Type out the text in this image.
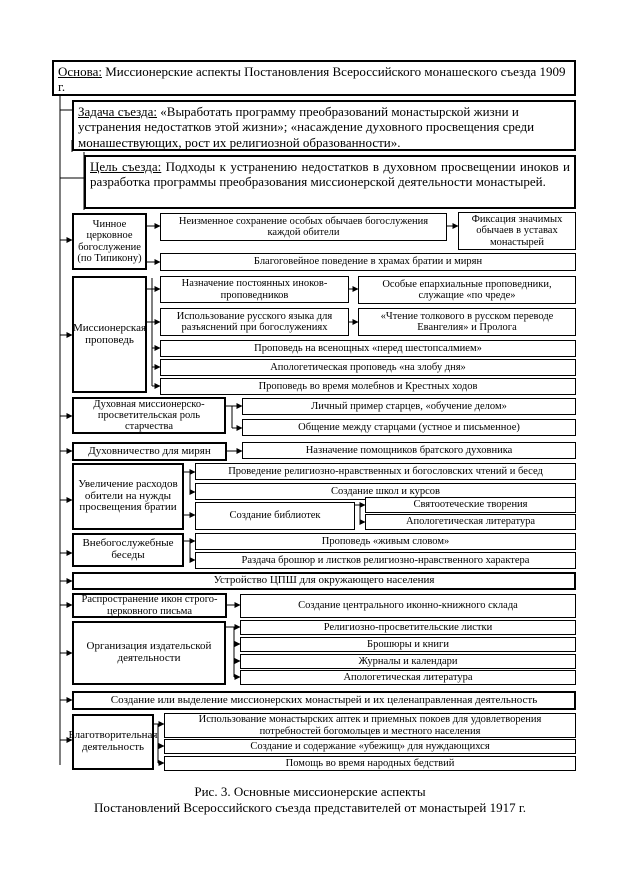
Основа: Миссионерские аспекты Постановления Всероссийского монашеского съезда 1909 г.
Задача съезда: «Выработать программу преобразований монастырской жизни и устранения недостатков этой жизни»; «насаждение духовного просвещения среди монашествующих, рост их религиозной образованности».
Цель съезда: Подходы к устранению недостатков в духовном просвещении иноков и разработка программы преобразования миссионерской деятельности монастырей.
Чинное церковное богослужение (по Типикону)
Неизменное сохранение особых обычаев богослужения каждой обители
Фиксация значимых обычаев в уставах монастырей
Благоговейное поведение в храмах братии и мирян
Миссионерская проповедь
Назначение постоянных иноков-проповедников
Особые епархиальные проповедники, служащие «по чреде»
Использование русского языка для разъяснений при богослужениях
«Чтение толкового в русском переводе Евангелия» и Пролога
Проповедь на всенощных «перед шестопсалмием»
Апологетическая проповедь «на злобу дня»
Проповедь во время молебнов и Крестных ходов
Духовная миссионерско-просветительская роль старчества
Личный пример старцев, «обучение делом»
Общение между старцами (устное и письменное)
Духовничество для мирян	Назначение помощников братского духовника
Увеличение расходов обители на нужды просвещения братии
Проведение религиозно-нравственных и богословских чтений и бесед
Создание школ и курсов
Создание библиотек
Святоотеческие творения
Апологетическая литература
Внебогослужебные беседы
Проповедь «живым словом»
Раздача брошюр и листков религиозно-нравственного характера
Устройство ЦПШ для окружающего населения
Распространение икон строго-церковного письма	Создание центрального иконно-книжного склада
Организация издательской деятельности
Религиозно-просветительские листки
Брошюры и книги
Журналы и календари
Апологетическая литература
Создание или выделение миссионерских монастырей и их целенаправленная деятельность
Благотворительная деятельность
Использование монастырских аптек и приемных покоев для удовлетворения потребностей богомольцев и местного населения
Создание и содержание «убежищ» для нуждающихся
Помощь во время народных бедствий
Рис. 3. Основные миссионерские аспекты
Постановлений Всероссийского съезда представителей от монастырей 1917 г.
